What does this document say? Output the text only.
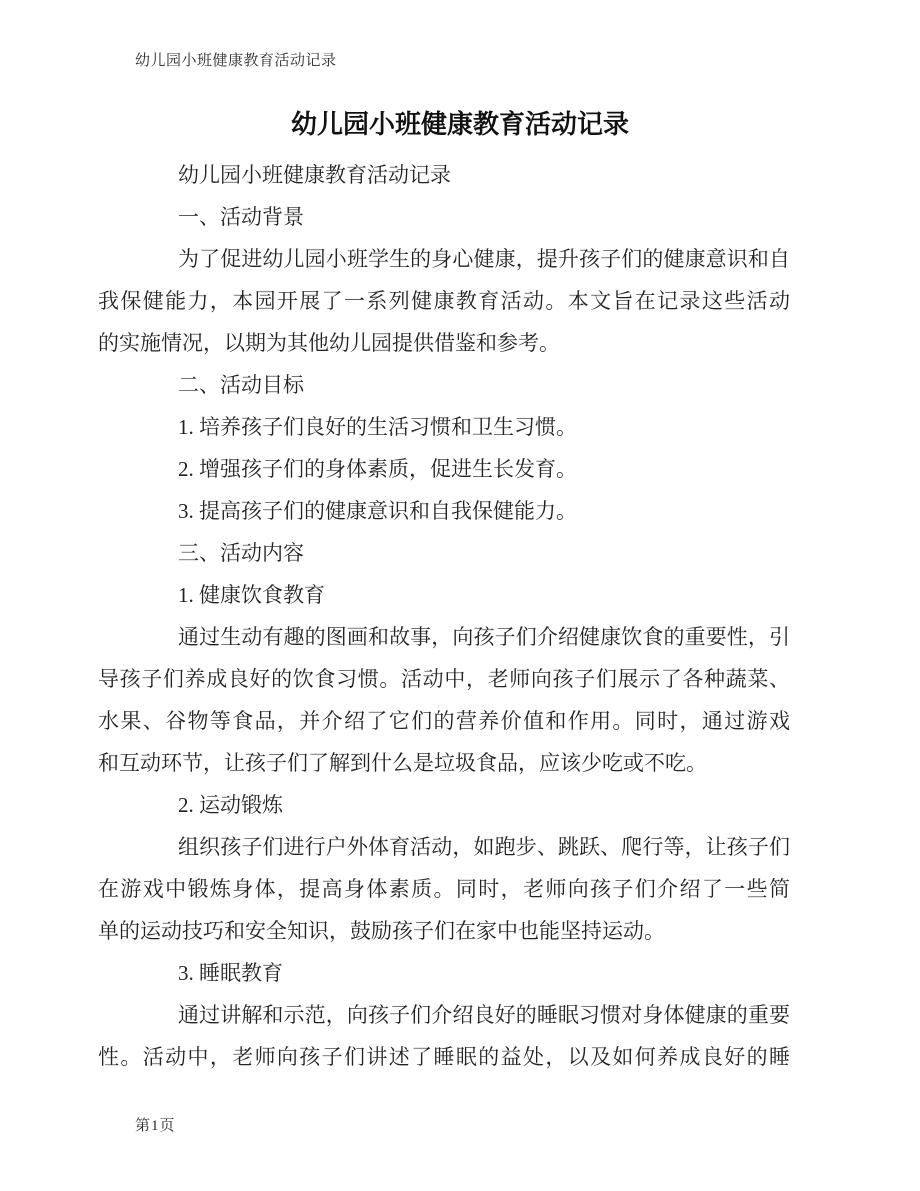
幼儿园小班健康教育活动记录
幼儿园小班健康教育活动记录
幼儿园小班健康教育活动记录
一、活动背景
为了促进幼儿园小班学生的身心健康，提升孩子们的健康意识和自
我保健能力，本园开展了一系列健康教育活动。本文旨在记录这些活动
的实施情况，以期为其他幼儿园提供借鉴和参考。
二、活动目标
1. 培养孩子们良好的生活习惯和卫生习惯。
2. 增强孩子们的身体素质，促进生长发育。
3. 提高孩子们的健康意识和自我保健能力。
三、活动内容
1. 健康饮食教育
通过生动有趣的图画和故事，向孩子们介绍健康饮食的重要性，引
导孩子们养成良好的饮食习惯。活动中，老师向孩子们展示了各种蔬菜、
水果、谷物等食品，并介绍了它们的营养价值和作用。同时，通过游戏
和互动环节，让孩子们了解到什么是垃圾食品，应该少吃或不吃。
2. 运动锻炼
组织孩子们进行户外体育活动，如跑步、跳跃、爬行等，让孩子们
在游戏中锻炼身体，提高身体素质。同时，老师向孩子们介绍了一些简
单的运动技巧和安全知识，鼓励孩子们在家中也能坚持运动。
3. 睡眠教育
通过讲解和示范，向孩子们介绍良好的睡眠习惯对身体健康的重要
性。活动中，老师向孩子们讲述了睡眠的益处，以及如何养成良好的睡
第1页
